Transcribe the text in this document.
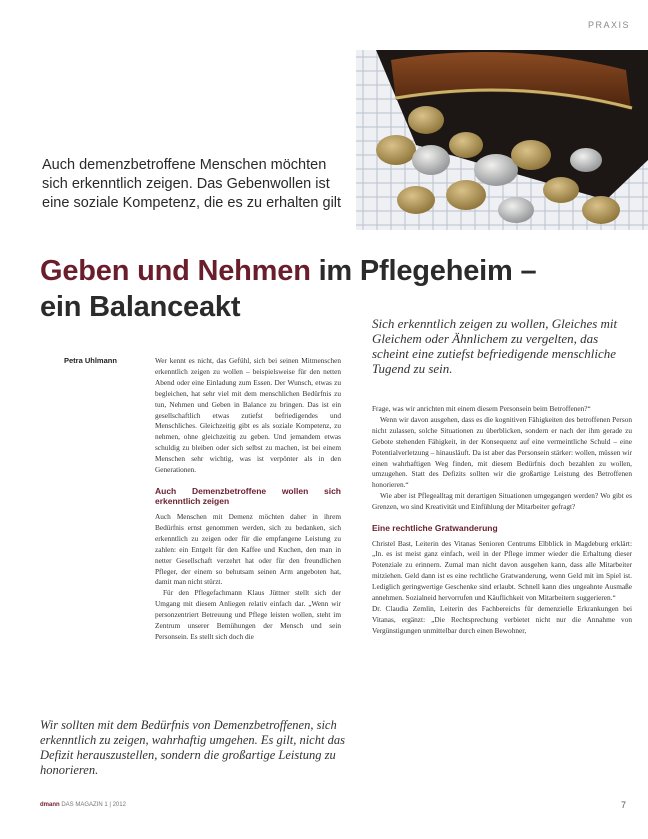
PRAXIS
Auch demenzbetroffene Menschen möchten sich erkenntlich zeigen. Das Gebenwollen ist eine soziale Kompetenz, die es zu erhalten gilt
Geben und Nehmen im Pflegeheim –
ein Balanceakt
Sich erkenntlich zeigen zu wollen, Gleiches mit Gleichem oder Ähnlichem zu vergelten, das scheint eine zutiefst befriedigende menschliche Tugend zu sein.
Petra Uhlmann	Wer kennt es nicht, das Gefühl, sich bei seinen Mitmenschen erkenntlich zeigen zu wollen – beispielsweise für den netten Abend oder eine Einladung zum Essen. Der Wunsch, etwas zu begleichen, hat sehr viel mit dem menschlichen Bedürfnis zu tun, Nehmen und Geben in Balance zu bringen. Das ist ein gesellschaftlich etwas zutiefst befriedigendes und Menschliches. Gleichzeitig gibt es als soziale Kompetenz, zu nehmen, ohne gleichzeitig zu geben. Und jemandem etwas schuldig zu bleiben oder sich selbst zu machen, ist bei einem Menschen sehr wichtig, was ist verpönter als in den Generationen.

Auch Demenzbetroffene wollen sich erkenntlich zeigen

Auch Menschen mit Demenz möchten daher in ihrem Bedürfnis ernst genommen werden, sich zu bedanken, sich erkenntlich zu zeigen oder für die empfangene Leistung zu zahlen: ein Entgelt für den Kaffee und Kuchen, den man in netter Gesellschaft verzehrt hat oder für den freundlichen Pfleger, der einem so behutsam seinen Arm angeboten hat, damit man nicht stürzt.

Für den Pflegefachmann Klaus Jüttner stellt sich der Umgang mit diesem Anliegen relativ einfach dar. „Wenn wir personzentriert Betreuung und Pflege leisten wollen, steht im Zentrum unserer Bemühungen der Mensch und sein Personsein. Es stellt sich doch die

Frage, was wir anrichten mit einem diesem Personsein beim Betroffenen?“

Wenn wir davon ausgehen, dass es die kognitiven Fähigkeiten des betroffenen Person nicht zulassen, solche Situationen zu überblicken, sondern er nach der ihm gerade zu Gebote stehenden Fähigkeit, in der Konsequenz auf eine vermeintliche Schuld – eine Potentialverletzung – hinausläuft. Da ist aber das Personsein stärker: wollen, müssen wir einen wahrhaftigen Weg finden, mit diesem Bedürfnis doch bezahlen zu wollen, umzugehen. Statt des Defizits sollten wir die großartige Leistung des Betroffenen honorieren.“

Wie aber ist Pflegealltag mit derartigen Situationen umgegangen werden? Wo gibt es Grenzen, wo sind Kreativität und Einfühlung der Mitarbeiter gefragt?

Eine rechtliche Gratwanderung

Christel Bast, Leiterin des Vitanas Senioren Centrums Elbblick in Magdeburg erklärt: „In. es ist meist ganz einfach, weil in der Pflege immer wieder die Erhaltung dieser Potenziale zu erinnern. Zumal man nicht davon ausgehen kann, dass alle Mitarbeiter mitziehen. Geld dann ist es eine rechtliche Gratwanderung, wenn Geld mit im Spiel ist. Lediglich geringwertige Geschenke sind erlaubt. Schnell kann dies ungeahnte Ausmaße annehmen. Sozialneid hervorrufen und Käuflichkeit von Mitarbeitern suggerieren.“

Dr. Claudia Zemlin, Leiterin des Fachbereichs für demenzielle Erkrankungen bei Vitanas, ergänzt: „Die Rechtsprechung verbietet nicht nur die Annahme von Vergünstigungen unmittelbar durch einen Bewohner,

Wir sollten mit dem Bedürfnis von Demenzbetroffenen, sich erkenntlich zu zeigen, wahrhaftig umgehen. Es gilt, nicht das Defizit herauszustellen, sondern die großartige Leistung zu honorieren.
dmann DAS MAGAZIN 1 | 2012	7
